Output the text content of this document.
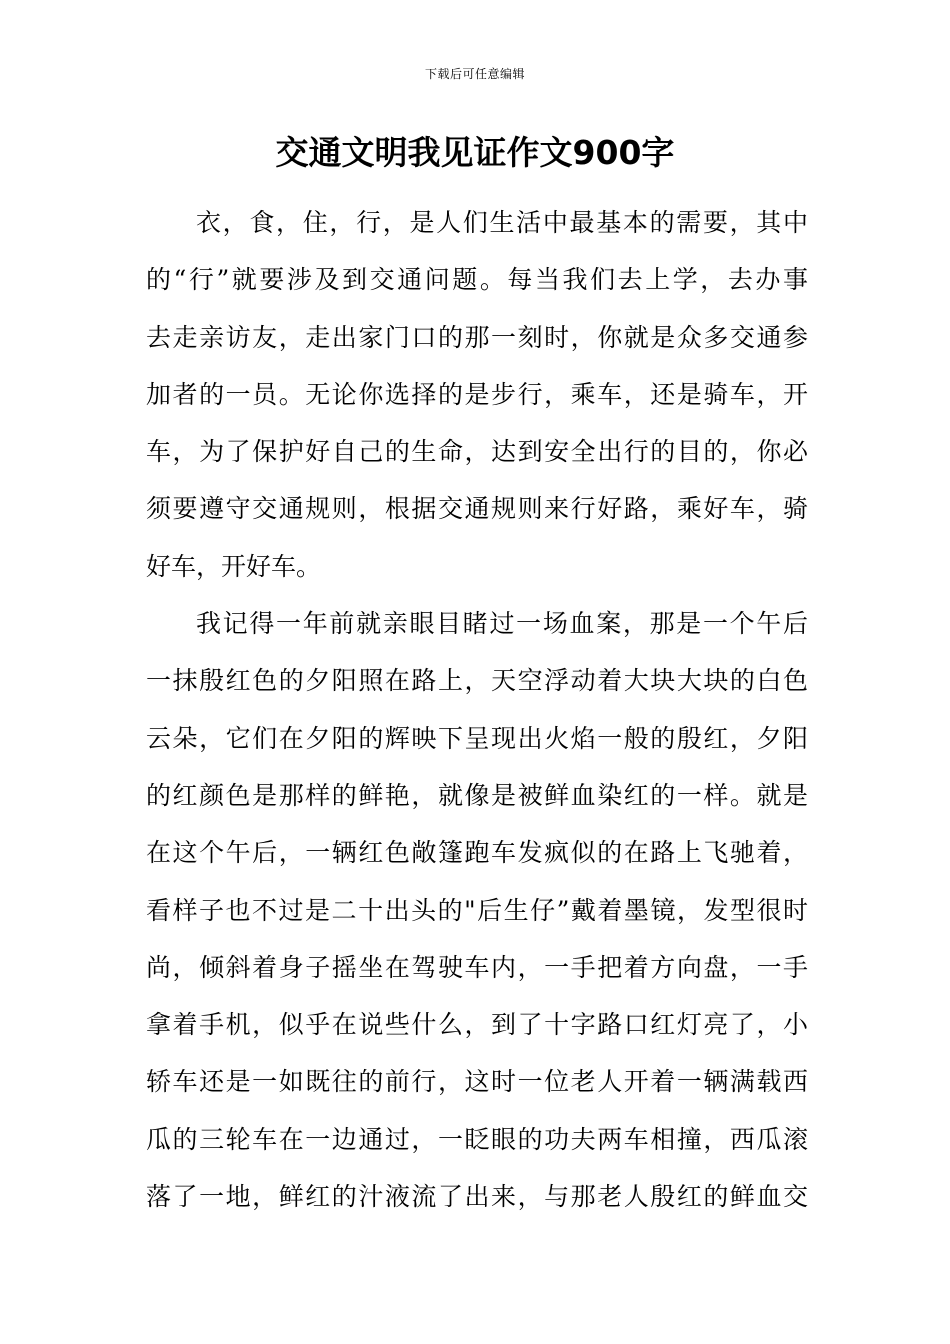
下载后可任意编辑
交通文明我见证作文900字

衣，食，住，行，是人们生活中最基本的需要，其中
的“行”就要涉及到交通问题。每当我们去上学，去办事
去走亲访友，走出家门口的那一刻时，你就是众多交通参
加者的一员。无论你选择的是步行，乘车，还是骑车，开
车，为了保护好自己的生命，达到安全出行的目的，你必
须要遵守交通规则，根据交通规则来行好路，乘好车，骑
好车，开好车。

我记得一年前就亲眼目睹过一场血案，那是一个午后
一抹殷红色的夕阳照在路上，天空浮动着大块大块的白色
云朵，它们在夕阳的辉映下呈现出火焰一般的殷红，夕阳
的红颜色是那样的鲜艳，就像是被鲜血染红的一样。就是
在这个午后，一辆红色敞篷跑车发疯似的在路上飞驰着，
看样子也不过是二十出头的"后生仔”戴着墨镜，发型很时
尚，倾斜着身子摇坐在驾驶车内，一手把着方向盘，一手
拿着手机，似乎在说些什么，到了十字路口红灯亮了，小
轿车还是一如既往的前行，这时一位老人开着一辆满载西
瓜的三轮车在一边通过，一眨眼的功夫两车相撞，西瓜滚
落了一地，鲜红的汁液流了出来，与那老人殷红的鲜血交
